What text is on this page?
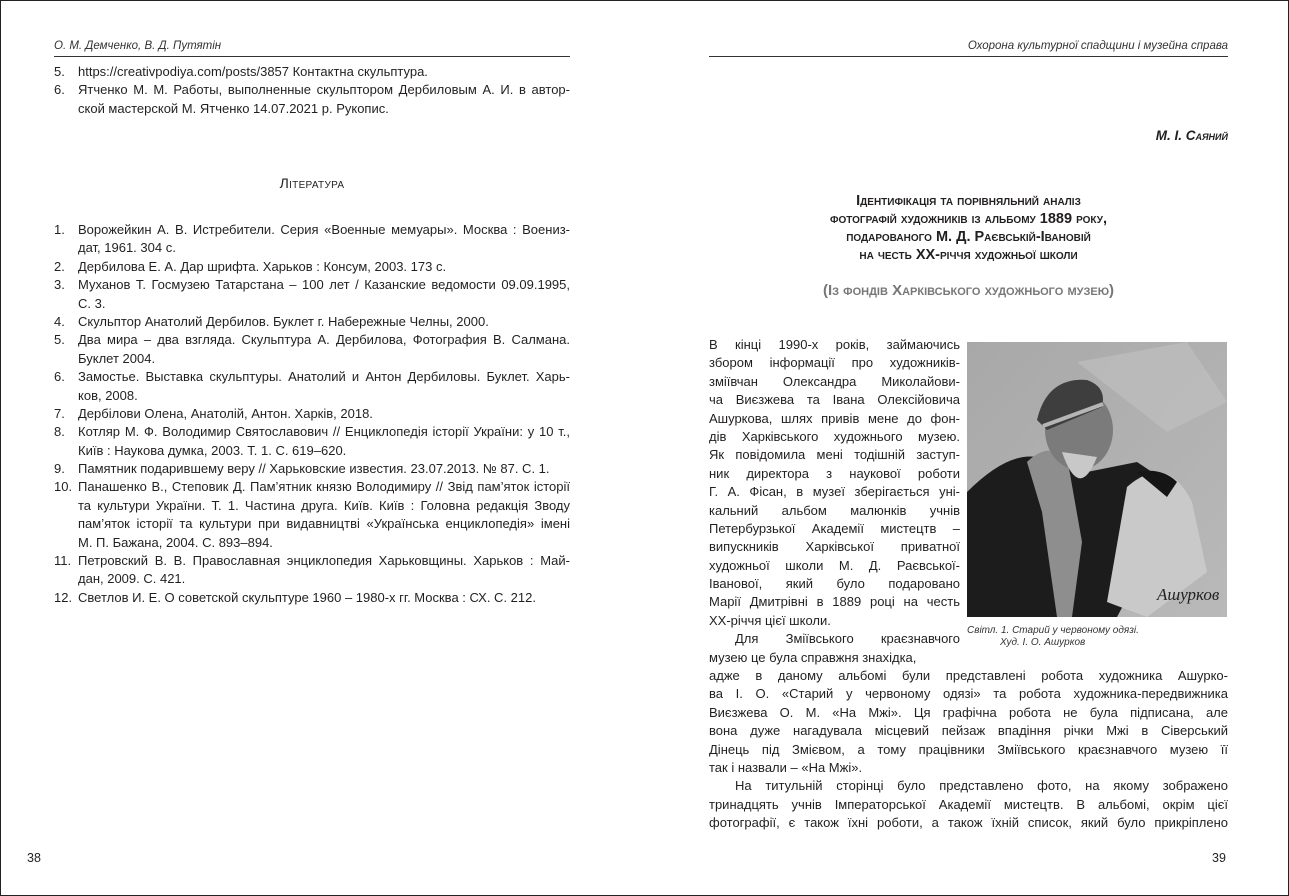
О. М. Демченко, В. Д. Путятін
5. https://creativpodiya.com/posts/3857 Контактна скульптура.
6. Ятченко М. М. Работы, выполненные скульптором Дербиловым А. И. в автор-
ской мастерской М. Ятченко 14.07.2021 р. Рукопис.
Література
1. Ворожейкин А. В. Истребители. Серия «Военные мемуары». Москва : Воениз-
дат, 1961. 304 с.
2. Дербилова Е. А. Дар шрифта. Харьков : Консум, 2003. 173 с.
3. Муханов Т. Госмузею Татарстана – 100 лет / Казанские ведомости 09.09.1995,
С. 3.
4. Скульптор Анатолий Дербилов. Буклет г. Набережные Челны, 2000.
5. Два мира – два взгляда. Скульптура А. Дербилова, Фотография В. Салмана.
Буклет 2004.
6. Замостье. Выставка скульптуры. Анатолий и Антон Дербиловы. Буклет. Харь-
ков, 2008.
7. Дербілови Олена, Анатолій, Антон. Харків, 2018.
8. Котляр М. Ф. Володимир Святославович // Енциклопедія історії України: у 10 т.,
Київ : Наукова думка, 2003. Т. 1. С. 619–620.
9. Памятник подарившему веру // Харьковские известия. 23.07.2013. № 87. С. 1.
10. Панашенко В., Степовик Д. Пам’ятник князю Володимиру // Звід пам’яток історії
та культури України. Т. 1. Частина друга. Київ. Київ : Головна редакція Зводу
пам’яток історії та культури при видавництві «Українська енциклопедія» імені
М. П. Бажана, 2004. С. 893–894.
11. Петровский В. В. Православная энциклопедия Харьковщины. Харьков : Май-
дан, 2009. С. 421.
12. Светлов И. Е. О советской скульптуре 1960 – 1980-х гг. Москва : СХ. С. 212.
38
Охорона культурної спадщини і музейна справа
М. І. Саяний
Ідентифікація та порівняльний аналіз
фотографій художників із альбому 1889 року,
подарованого М. Д. Раєвській-Івановій
на честь XX-річчя художньої школи
(Із фондів Харківського художнього музею)
В кінці 1990-х років, займаючись
збором інформації про художників-
зміївчан Олександра Миколайови-
ча Виєзжева та Івана Олексійовича
Ашуркова, шлях привів мене до фон-
дів Харківського художнього музею.
Як повідомила мені тодішній заступ-
ник директора з наукової роботи
Г. А. Фісан, в музеї зберігається уні-
кальний альбом малюнків учнів
Петербурзької Академії мистецтв –
випускників Харківської приватної
художньої школи М. Д. Раєвської-
Іванової, який було подаровано
Марії Дмитрівні в 1889 році на честь
XX-річчя цієї школи.
Для Зміївського краєзнавчого
музею це була справжня знахідка,
Ашурков
Світл. 1. Старий у червоному одязі.
Худ. І. О. Ашурков
адже в даному альбомі були представлені робота художника Ашурко-
ва І. О. «Старий у червоному одязі» та робота художника-передвижника
Виєзжева О. М. «На Мжі». Ця графічна робота не була підписана, але
вона дуже нагадувала місцевий пейзаж впадіння річки Мжі в Сіверський
Дінець під Змієвом, а тому працівники Зміївського краєзнавчого музею її
так і назвали – «На Мжі».
На титульній сторінці було представлено фото, на якому зображено
тринадцять учнів Імператорської Академії мистецтв. В альбомі, окрім цієї
фотографії, є також їхні роботи, а також їхній список, який було прикріплено
39
